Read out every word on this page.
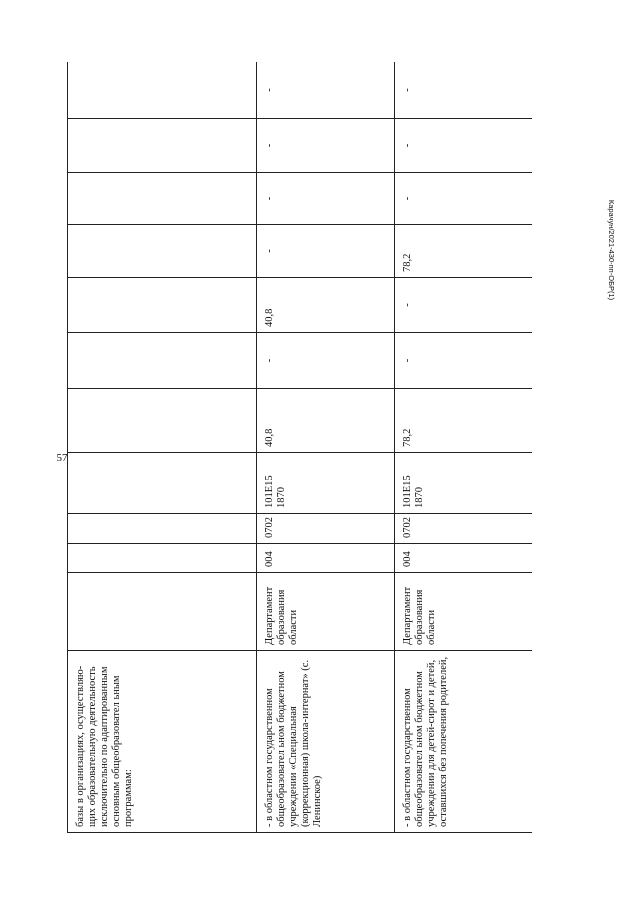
57
Карачун/2021-430-пп-ОБР(1)
базы в организациях, осуществляю-щих образовательную деятельность исключительно по адаптированным основным общеобразовател ьным программам:											
- в областном государственном общеобразовател ьном бюджетном учреждении «Специальная (коррекционная) школа-интернат» (с. Ленинское)	Департамент образования области	004	0702	101Е15 1870	40,8	-	40,8	-	-	-	-
- в областном государственном общеобразовател ьном бюджетном учреждении для детей-сирот и детей, оставшихся без попечения родителей,	Департамент образования области	004	0702	101Е15 1870	78,2	-	-	78,2	-	-	-
